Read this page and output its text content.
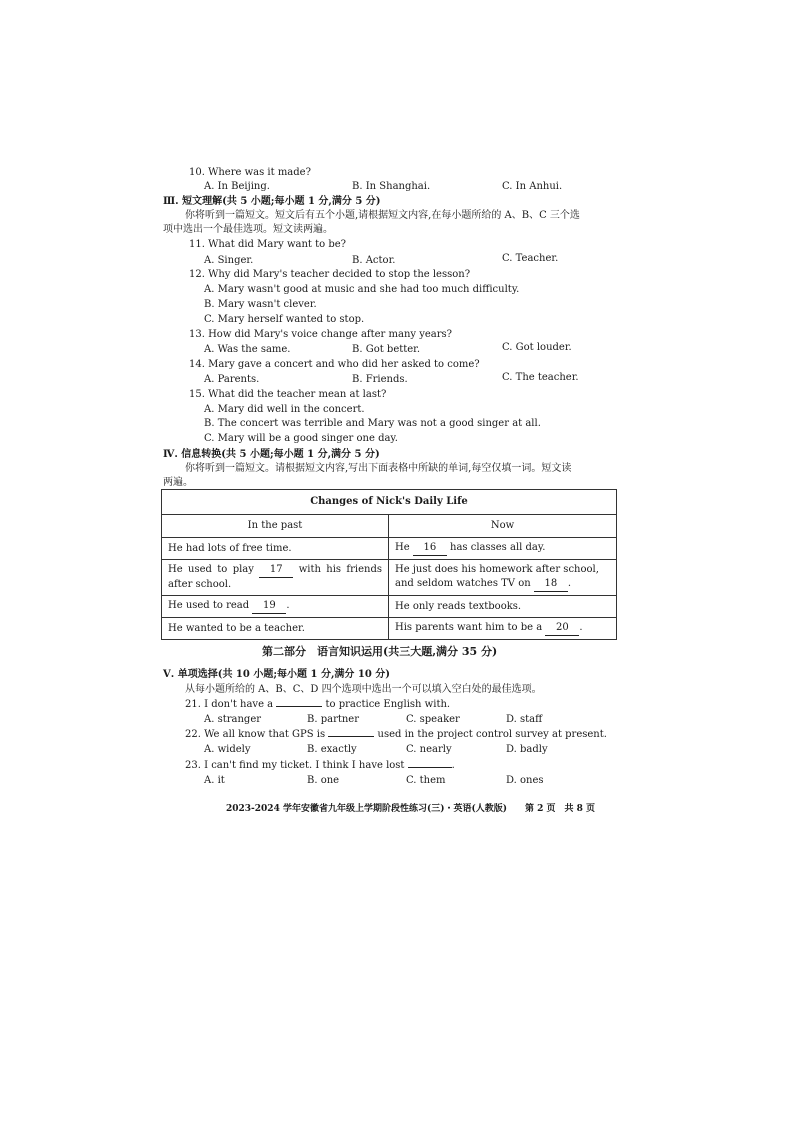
10. Where was it made?
A. In Beijing.	B. In Shanghai.	C. In Anhui.
Ⅲ. 短文理解(共 5 小题;每小题 1 分,满分 5 分)
你将听到一篇短文。短文后有五个小题,请根据短文内容,在每小题所给的 A、B、C 三个选
项中选出一个最佳选项。短文读两遍。
11. What did Mary want to be?
A. Singer.	B. Actor.	C. Teacher.
12. Why did Mary's teacher decided to stop the lesson?
A. Mary wasn't good at music and she had too much difficulty.
B. Mary wasn't clever.
C. Mary herself wanted to stop.
13. How did Mary's voice change after many years?
A. Was the same.	B. Got better.	C. Got louder.
14. Mary gave a concert and who did her asked to come?
A. Parents.	B. Friends.	C. The teacher.
15. What did the teacher mean at last?
A. Mary did well in the concert.
B. The concert was terrible and Mary was not a good singer at all.
C. Mary will be a good singer one day.
Ⅳ. 信息转换(共 5 小题;每小题 1 分,满分 5 分)
你将听到一篇短文。请根据短文内容,写出下面表格中所缺的单词,每空仅填一词。短文读
两遍。
Changes of Nick's Daily Life	
In the past	Now
He had lots of free time.	He 16 has classes all day.
He used to play 17 with his friends after school.	He just does his homework after school, and seldom watches TV on 18 .
He used to read 19 .	He only reads textbooks.
He wanted to be a teacher.	His parents want him to be a 20 .
第二部分　语言知识运用(共三大题,满分 35 分)
Ⅴ. 单项选择(共 10 小题;每小题 1 分,满分 10 分)
从每小题所给的 A、B、C、D 四个选项中选出一个可以填入空白处的最佳选项。
21. I don't have a	to practice English with.
A. stranger	B. partner	C. speaker	D. staff
22. We all know that GPS is	used in the project control survey at present.
A. widely	B. exactly	C. nearly	D. badly
23. I can't find my ticket. I think I have lost	.
A. it	B. one	C. them	D. ones
2023-2024 学年安徽省九年级上学期阶段性练习(三)・英语(人教版)　　第 2 页　共 8 页
